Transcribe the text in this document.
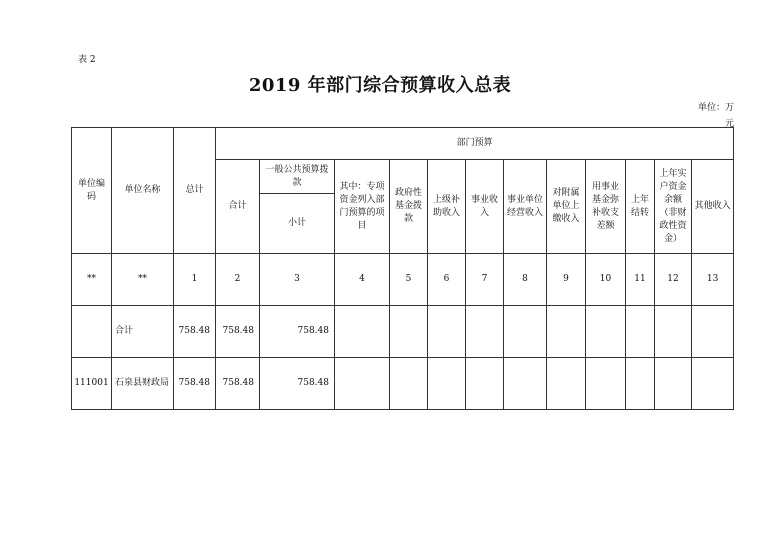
表 2
2019 年部门综合预算收入总表
单位：万元
单位编码	单位名称	总计	部门预算											
			合计	一般公共预算拨款	其中：专项资金列入部门预算的项目	政府性基金拨款	上级补助收入	事业收入	事业单位经营收入	对附属单位上缴收入	用事业基金弥补收支差额	上年结转	上年实户资金余额（非财政性资金）	其他收入
				小计										
**	**	1	2	3	4	5	6	7	8	9	10	11	12	13
	合计	758.48	758.48	758.48										
111001	石泉县财政局	758.48	758.48	758.48										
